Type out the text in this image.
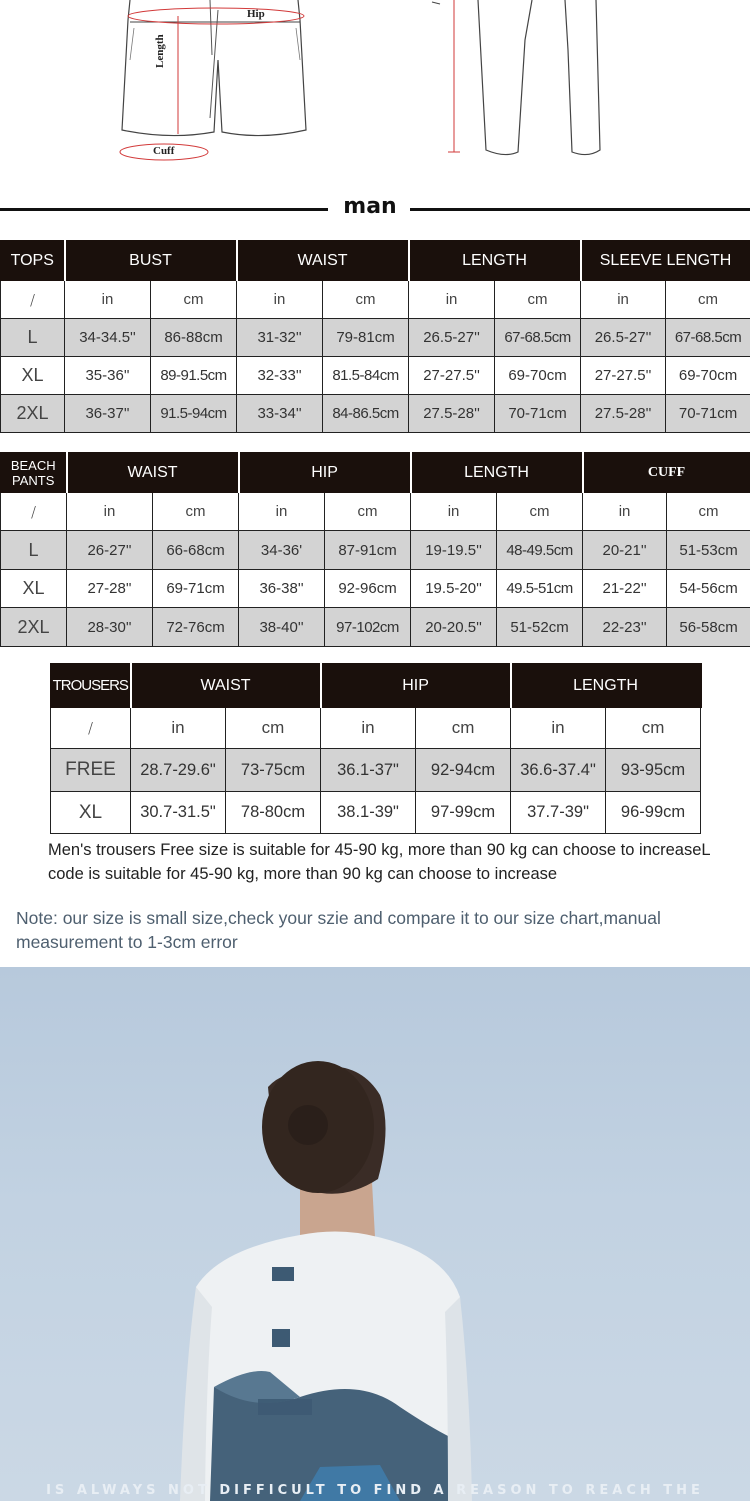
Hip
Length
Cuff
man
TOPS	BUST		WAIST		LENGTH		SLEEVE LENGTH	
/	in	cm	in	cm	in	cm	in	cm
L	34-34.5''	86-88cm	31-32''	79-81cm	26.5-27''	67-68.5cm	26.5-27''	67-68.5cm
XL	35-36''	89-91.5cm	32-33''	81.5-84cm	27-27.5''	69-70cm	27-27.5''	69-70cm
2XL	36-37''	91.5-94cm	33-34''	84-86.5cm	27.5-28''	70-71cm	27.5-28''	70-71cm
BEACH
PANTS	WAIST		HIP		LENGTH		CUFF	
/	in	cm	in	cm	in	cm	in	cm
L	26-27''	66-68cm	34-36'	87-91cm	19-19.5''	48-49.5cm	20-21''	51-53cm
XL	27-28''	69-71cm	36-38''	92-96cm	19.5-20''	49.5-51cm	21-22''	54-56cm
2XL	28-30''	72-76cm	38-40''	97-102cm	20-20.5''	51-52cm	22-23''	56-58cm
TROUSERS	WAIST		HIP		LENGTH	
/	in	cm	in	cm	in	cm
FREE	28.7-29.6"	73-75cm	36.1-37"	92-94cm	36.6-37.4"	93-95cm
XL	30.7-31.5"	78-80cm	38.1-39"	97-99cm	37.7-39"	96-99cm

Men's trousers Free size is suitable for 45-90 kg, more than 90 kg can choose to increaseL code is suitable for 45-90 kg, more than 90 kg can choose to increase

Note: our size is small size,check your szie and compare it to our size chart,manual measurement to 1-3cm error

IS ALWAYS NOT DIFFICULT TO FIND A REASON TO REACH THE
